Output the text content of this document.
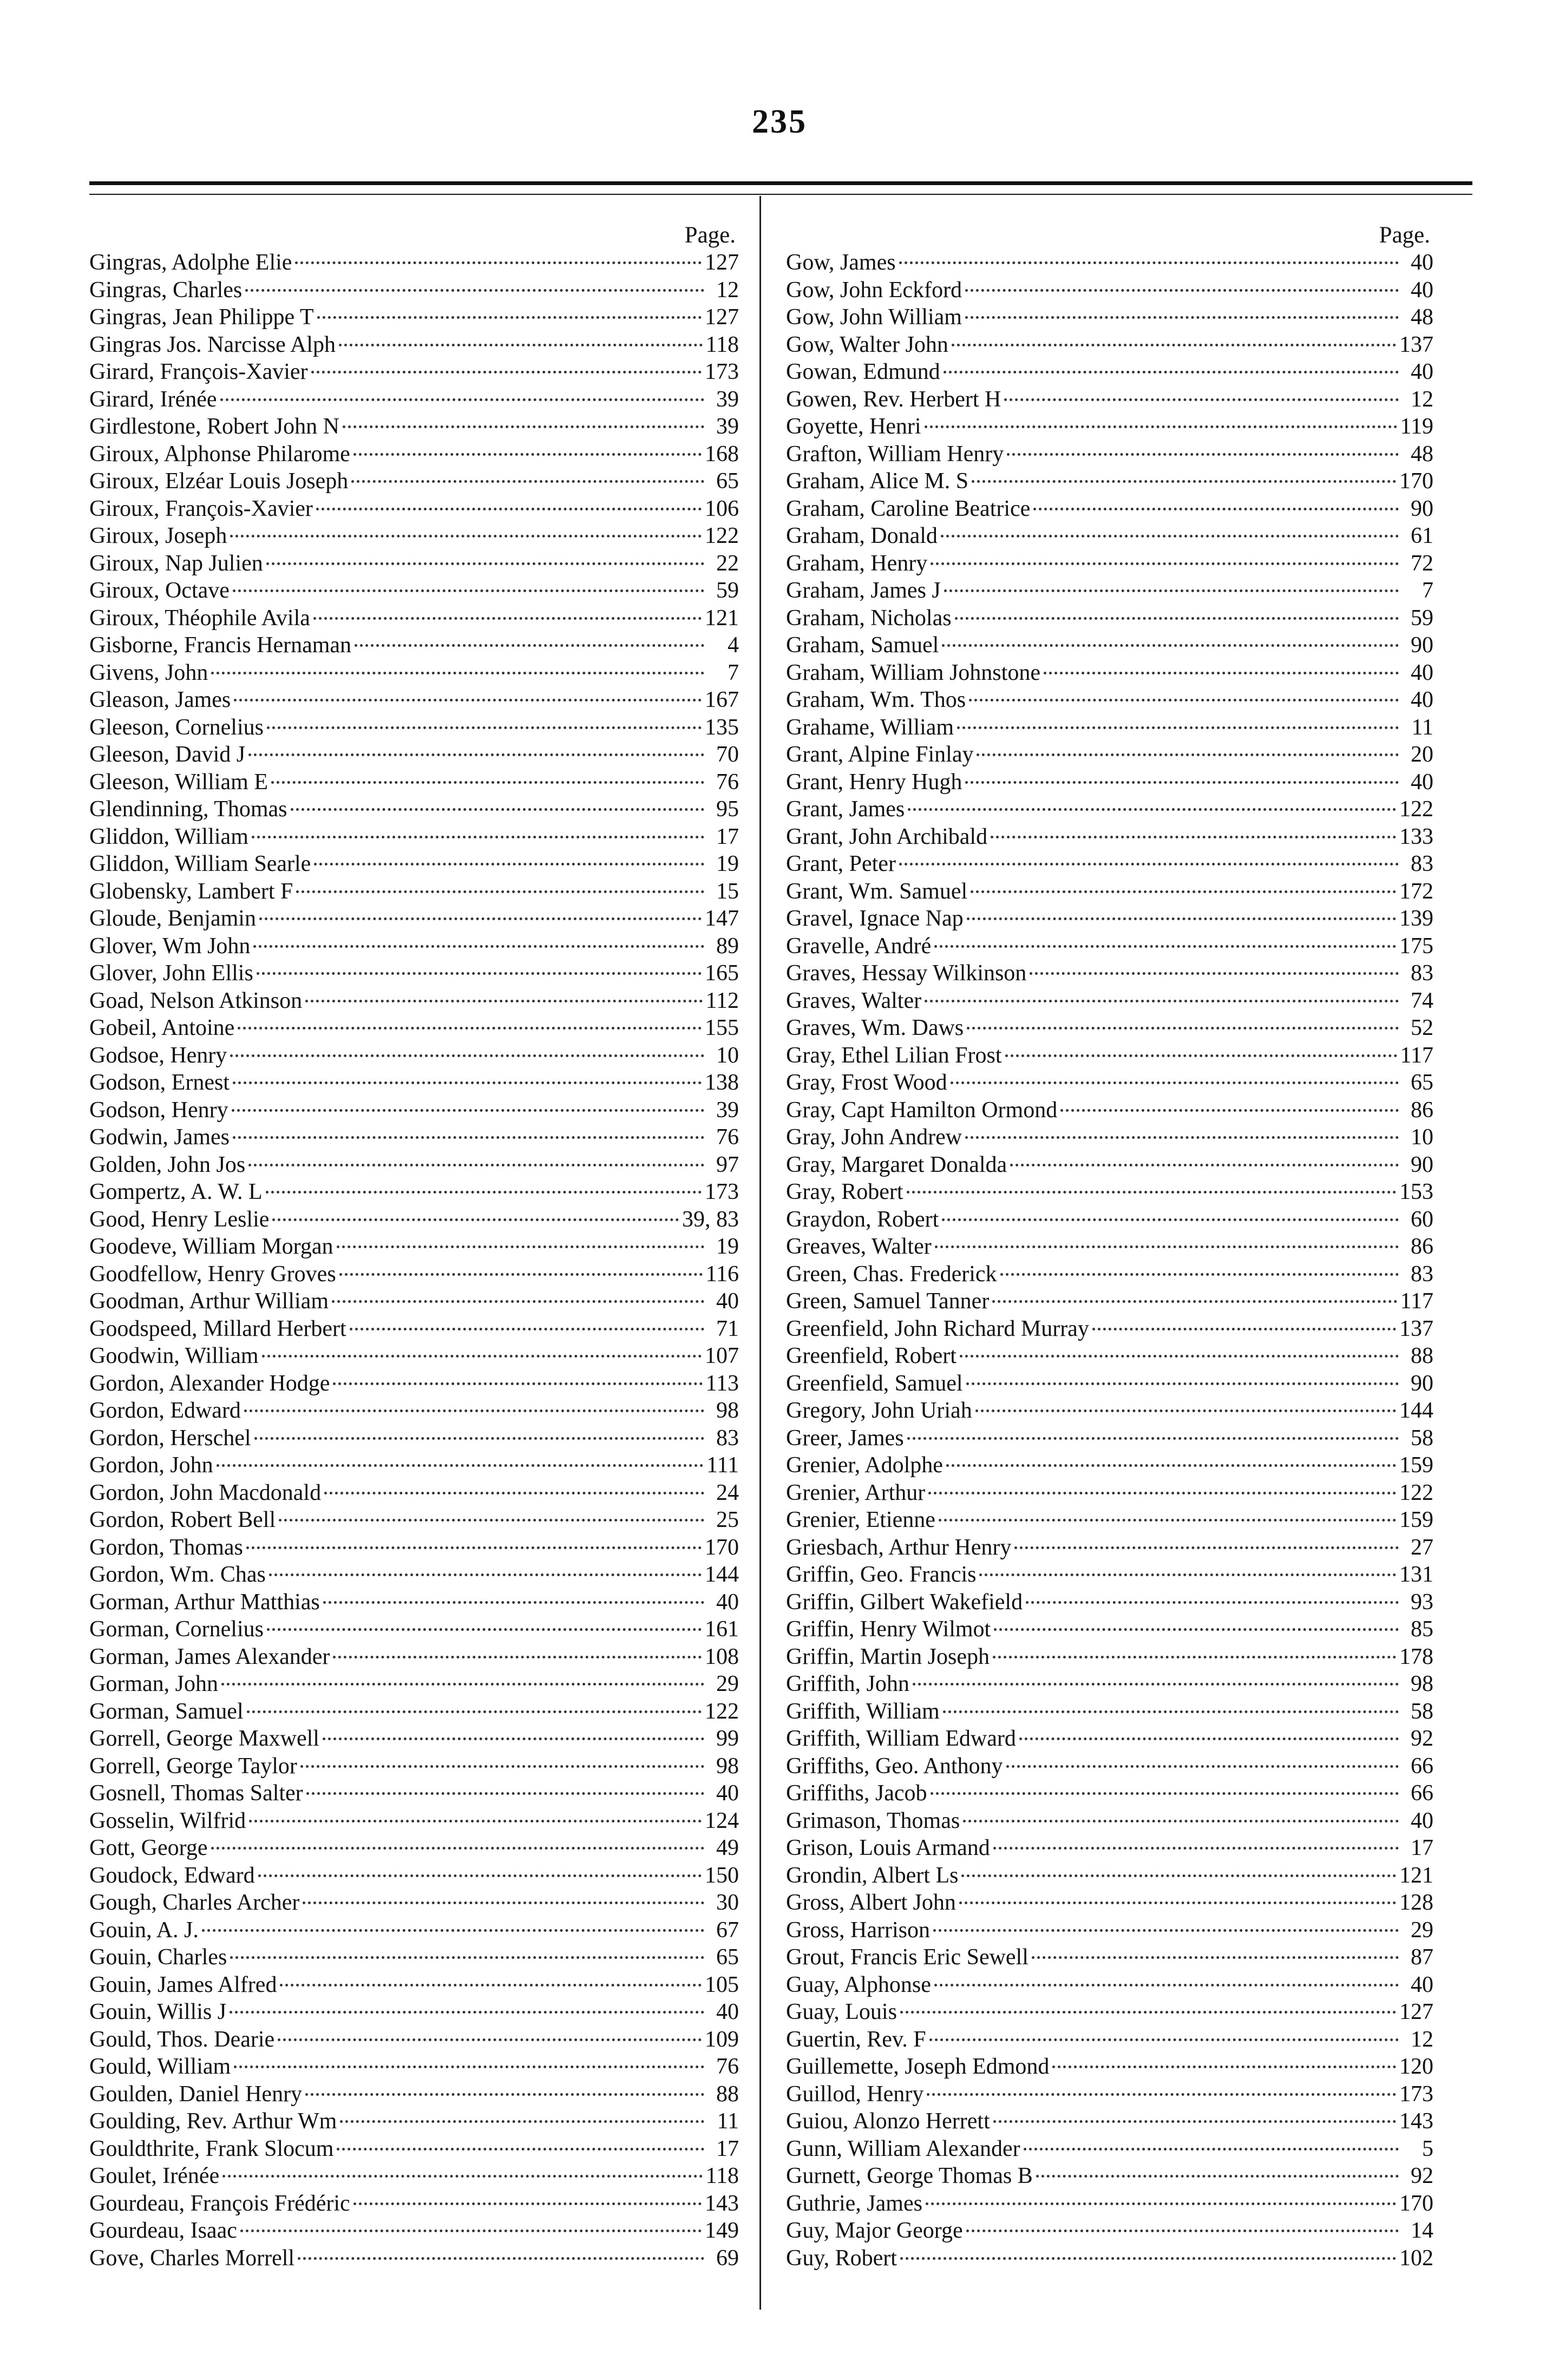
235
Page.
Gingras, Adolphe Elie	127
Gingras, Charles	12
Gingras, Jean Philippe T	127
Gingras Jos. Narcisse Alph	118
Girard, François-Xavier	173
Girard, Irénée	39
Girdlestone, Robert John N	39
Giroux, Alphonse Philarome	168
Giroux, Elzéar Louis Joseph	65
Giroux, François-Xavier	106
Giroux, Joseph	122
Giroux, Nap Julien	22
Giroux, Octave	59
Giroux, Théophile Avila	121
Gisborne, Francis Hernaman	4
Givens, John	7
Gleason, James	167
Gleeson, Cornelius	135
Gleeson, David J	70
Gleeson, William E	76
Glendinning, Thomas	95
Gliddon, William	17
Gliddon, William Searle	19
Globensky, Lambert F	15
Gloude, Benjamin	147
Glover, Wm John	89
Glover, John Ellis	165
Goad, Nelson Atkinson	112
Gobeil, Antoine	155
Godsoe, Henry	10
Godson, Ernest	138
Godson, Henry	39
Godwin, James	76
Golden, John Jos	97
Gompertz, A. W. L	173
Good, Henry Leslie	39, 83
Goodeve, William Morgan	19
Goodfellow, Henry Groves	116
Goodman, Arthur William	40
Goodspeed, Millard Herbert	71
Goodwin, William	107
Gordon, Alexander Hodge	113
Gordon, Edward	98
Gordon, Herschel	83
Gordon, John	111
Gordon, John Macdonald	24
Gordon, Robert Bell	25
Gordon, Thomas	170
Gordon, Wm. Chas	144
Gorman, Arthur Matthias	40
Gorman, Cornelius	161
Gorman, James Alexander	108
Gorman, John	29
Gorman, Samuel	122
Gorrell, George Maxwell	99
Gorrell, George Taylor	98
Gosnell, Thomas Salter	40
Gosselin, Wilfrid	124
Gott, George	49
Goudock, Edward	150
Gough, Charles Archer	30
Gouin, A. J.	67
Gouin, Charles	65
Gouin, James Alfred	105
Gouin, Willis J	40
Gould, Thos. Dearie	109
Gould, William	76
Goulden, Daniel Henry	88
Goulding, Rev. Arthur Wm	11
Gouldthrite, Frank Slocum	17
Goulet, Irénée	118
Gourdeau, François Frédéric	143
Gourdeau, Isaac	149
Gove, Charles Morrell	69
Page.
Gow, James	40
Gow, John Eckford	40
Gow, John William	48
Gow, Walter John	137
Gowan, Edmund	40
Gowen, Rev. Herbert H	12
Goyette, Henri	119
Grafton, William Henry	48
Graham, Alice M. S	170
Graham, Caroline Beatrice	90
Graham, Donald	61
Graham, Henry	72
Graham, James J	7
Graham, Nicholas	59
Graham, Samuel	90
Graham, William Johnstone	40
Graham, Wm. Thos	40
Grahame, William	11
Grant, Alpine Finlay	20
Grant, Henry Hugh	40
Grant, James	122
Grant, John Archibald	133
Grant, Peter	83
Grant, Wm. Samuel	172
Gravel, Ignace Nap	139
Gravelle, André	175
Graves, Hessay Wilkinson	83
Graves, Walter	74
Graves, Wm. Daws	52
Gray, Ethel Lilian Frost	117
Gray, Frost Wood	65
Gray, Capt Hamilton Ormond	86
Gray, John Andrew	10
Gray, Margaret Donalda	90
Gray, Robert	153
Graydon, Robert	60
Greaves, Walter	86
Green, Chas. Frederick	83
Green, Samuel Tanner	117
Greenfield, John Richard Murray	137
Greenfield, Robert	88
Greenfield, Samuel	90
Gregory, John Uriah	144
Greer, James	58
Grenier, Adolphe	159
Grenier, Arthur	122
Grenier, Etienne	159
Griesbach, Arthur Henry	27
Griffin, Geo. Francis	131
Griffin, Gilbert Wakefield	93
Griffin, Henry Wilmot	85
Griffin, Martin Joseph	178
Griffith, John	98
Griffith, William	58
Griffith, William Edward	92
Griffiths, Geo. Anthony	66
Griffiths, Jacob	66
Grimason, Thomas	40
Grison, Louis Armand	17
Grondin, Albert Ls	121
Gross, Albert John	128
Gross, Harrison	29
Grout, Francis Eric Sewell	87
Guay, Alphonse	40
Guay, Louis	127
Guertin, Rev. F	12
Guillemette, Joseph Edmond	120
Guillod, Henry	173
Guiou, Alonzo Herrett	143
Gunn, William Alexander	5
Gurnett, George Thomas B	92
Guthrie, James	170
Guy, Major George	14
Guy, Robert	102
